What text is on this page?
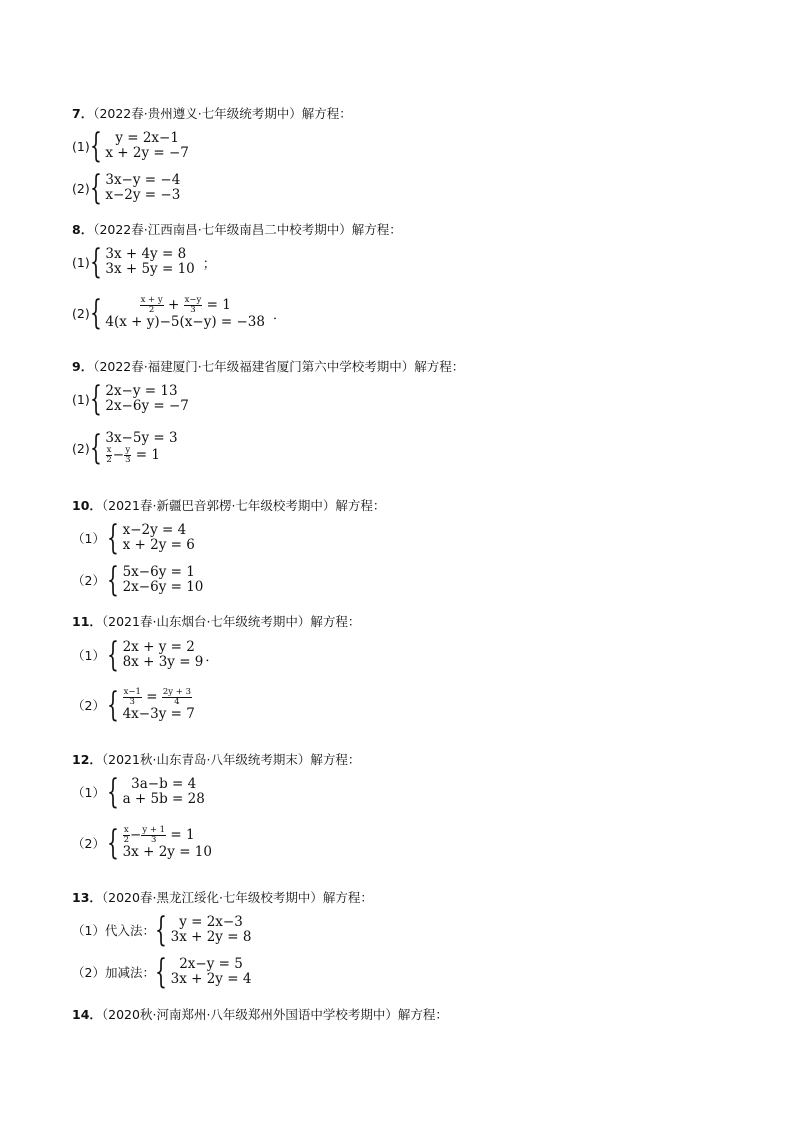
7．（2022春·贵州遵义·七年级统考期中）解方程：
(1) {	y = 2x−1
x + 2y = −7
(2) { 3x−y = −4
x−2y = −3
8．（2022春·江西南昌·七年级南昌二中校考期中）解方程：
(1) { 3x + 4y = 8
3x + 5y = 10 ；
(2) {	$\frac{x + y}{2} + \frac{x-y}{3} = 1$
4(x + y)−5(x−y) = −38 ．
9．（2022春·福建厦门·七年级福建省厦门第六中学校考期中）解方程：
(1) { 2x−y = 13
2x−6y = −7
(2) { 3x−5y = 3
$\frac{x}{2} - \frac{y}{3} = 1$
10．（2021春·新疆巴音郭楞·七年级校考期中）解方程：
（1） { x−2y = 4
x + 2y = 6
（2） { 5x−6y = 1
2x−6y = 10
11．（2021春·山东烟台·七年级统考期中）解方程：
（1） { 2x + y = 2
8x + 3y = 9 ．
（2） { $\frac{x-1}{3} = \frac{2y + 3}{4}$
4x−3y = 7
12．（2021秋·山东青岛·八年级统考期末）解方程：
（1） { 3a−b = 4
a + 5b = 28
（2） { $\frac{x}{2} - \frac{y + 1}{3} = 1$
3x + 2y = 10
13．（2020春·黑龙江绥化·七年级校考期中）解方程：
（1）代入法： { y = 2x−3
3x + 2y = 8
（2）加减法： { 2x−y = 5
3x + 2y = 4
14．（2020秋·河南郑州·八年级郑州外国语中学校考期中）解方程：
